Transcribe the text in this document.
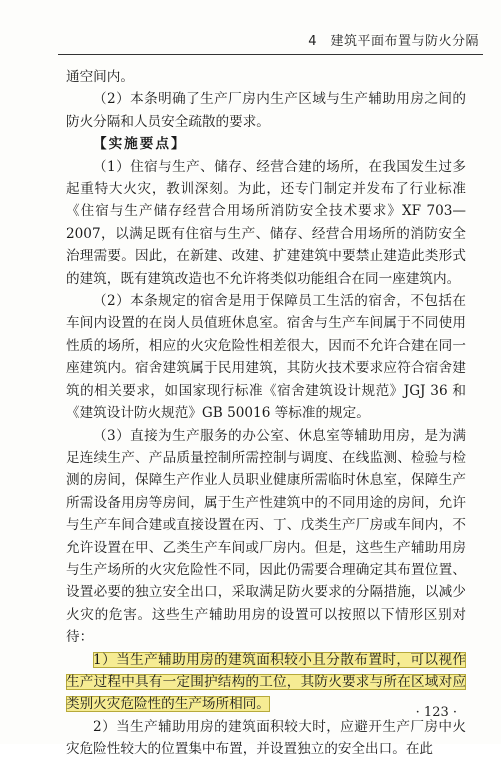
4　建筑平面布置与防火分隔

通空间内。

（2）本条明确了生产厂房内生产区域与生产辅助用房之间的防火分隔和人员安全疏散的要求。

【实施要点】

（1）住宿与生产、储存、经营合建的场所，在我国发生过多起重特大火灾，教训深刻。为此，还专门制定并发布了行业标准《住宿与生产储存经营合用场所消防安全技术要求》XF 703—2007，以满足既有住宿与生产、储存、经营合用场所的消防安全治理需要。因此，在新建、改建、扩建建筑中要禁止建造此类形式的建筑，既有建筑改造也不允许将类似功能组合在同一座建筑内。

（2）本条规定的宿舍是用于保障员工生活的宿舍，不包括在车间内设置的在岗人员值班休息室。宿舍与生产车间属于不同使用性质的场所，相应的火灾危险性相差很大，因而不允许合建在同一座建筑内。宿舍建筑属于民用建筑，其防火技术要求应符合宿舍建筑的相关要求，如国家现行标准《宿舍建筑设计规范》JGJ 36 和《建筑设计防火规范》GB 50016 等标准的规定。

（3）直接为生产服务的办公室、休息室等辅助用房，是为满足连续生产、产品质量控制所需控制与调度、在线监测、检验与检测的房间，保障生产作业人员职业健康所需临时休息室，保障生产所需设备用房等房间，属于生产性建筑中的不同用途的房间，允许与生产车间合建或直接设置在丙、丁、戊类生产厂房或车间内，不允许设置在甲、乙类生产车间或厂房内。但是，这些生产辅助用房与生产场所的火灾危险性不同，因此仍需要合理确定其布置位置、设置必要的独立安全出口，采取满足防火要求的分隔措施，以减少火灾的危害。这些生产辅助用房的设置可以按照以下情形区别对待：

1）当生产辅助用房的建筑面积较小且分散布置时，可以视作生产过程中具有一定围护结构的工位，其防火要求与所在区域对应类别火灾危险性的生产场所相同。

2）当生产辅助用房的建筑面积较大时，应避开生产厂房中火灾危险性较大的位置集中布置，并设置独立的安全出口。在此

· 123 ·
